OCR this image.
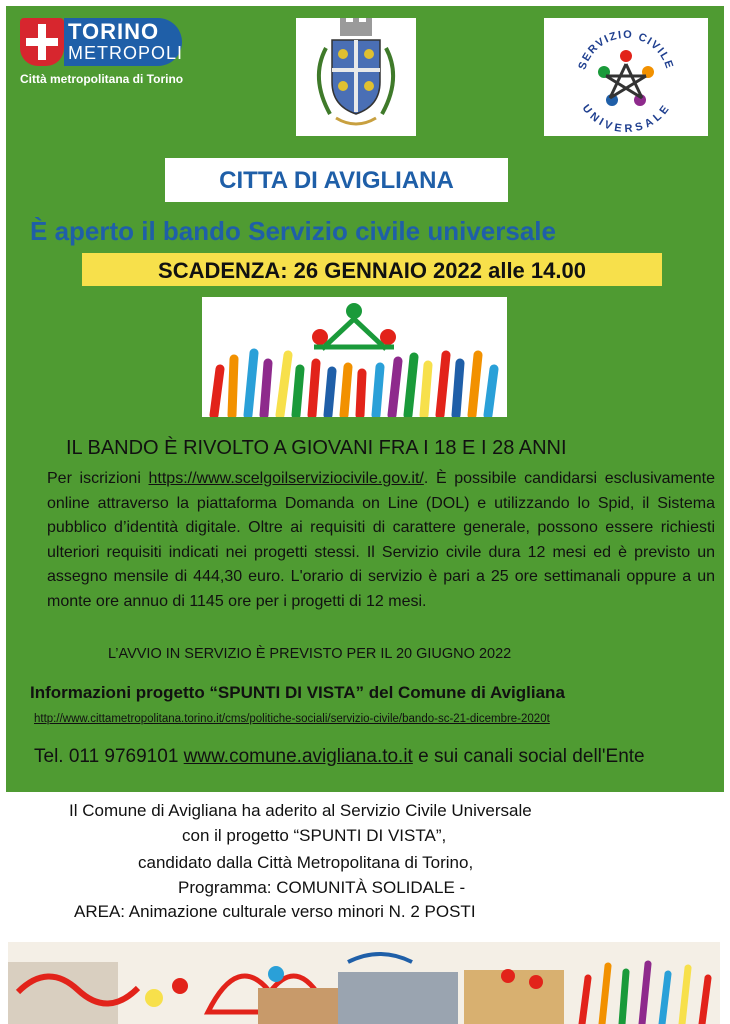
TORINO
METROPOLI
Città metropolitana di Torino
SERVIZIO CIVILE
UNIVERSALE
CITTA DI AVIGLIANA
È aperto il bando Servizio civile universale
SCADENZA: 26 GENNAIO 2022 alle 14.00
IL BANDO È RIVOLTO A GIOVANI FRA I 18 E I 28 ANNI
Per iscrizioni https://www.scelgoilserviziocivile.gov.it/. È possibile candidarsi esclusivamente online attraverso la piattaforma Domanda on Line (DOL) e utilizzando lo Spid, il Sistema pubblico d’identità digitale. Oltre ai requisiti di carattere generale, possono essere richiesti ulteriori requisiti indicati nei progetti stessi. Il Servizio civile dura 12 mesi ed è previsto un assegno mensile di 444,30 euro. L'orario di servizio è pari a 25 ore settimanali oppure a un monte ore annuo di 1145 ore per i progetti di 12 mesi.
L’AVVIO IN SERVIZIO È PREVISTO PER IL 20 GIUGNO 2022
Informazioni progetto “SPUNTI DI VISTA” del Comune di Avigliana
http://www.cittametropolitana.torino.it/cms/politiche-sociali/servizio-civile/bando-sc-21-dicembre-2020t
Tel. 011 9769101 www.comune.avigliana.to.it e sui canali social dell'Ente
Il Comune di Avigliana ha aderito al Servizio Civile Universale
con il progetto “SPUNTI DI VISTA”,
candidato dalla Città Metropolitana di Torino,
Programma: COMUNITÀ SOLIDALE -
AREA: Animazione culturale verso minori N. 2 POSTI
